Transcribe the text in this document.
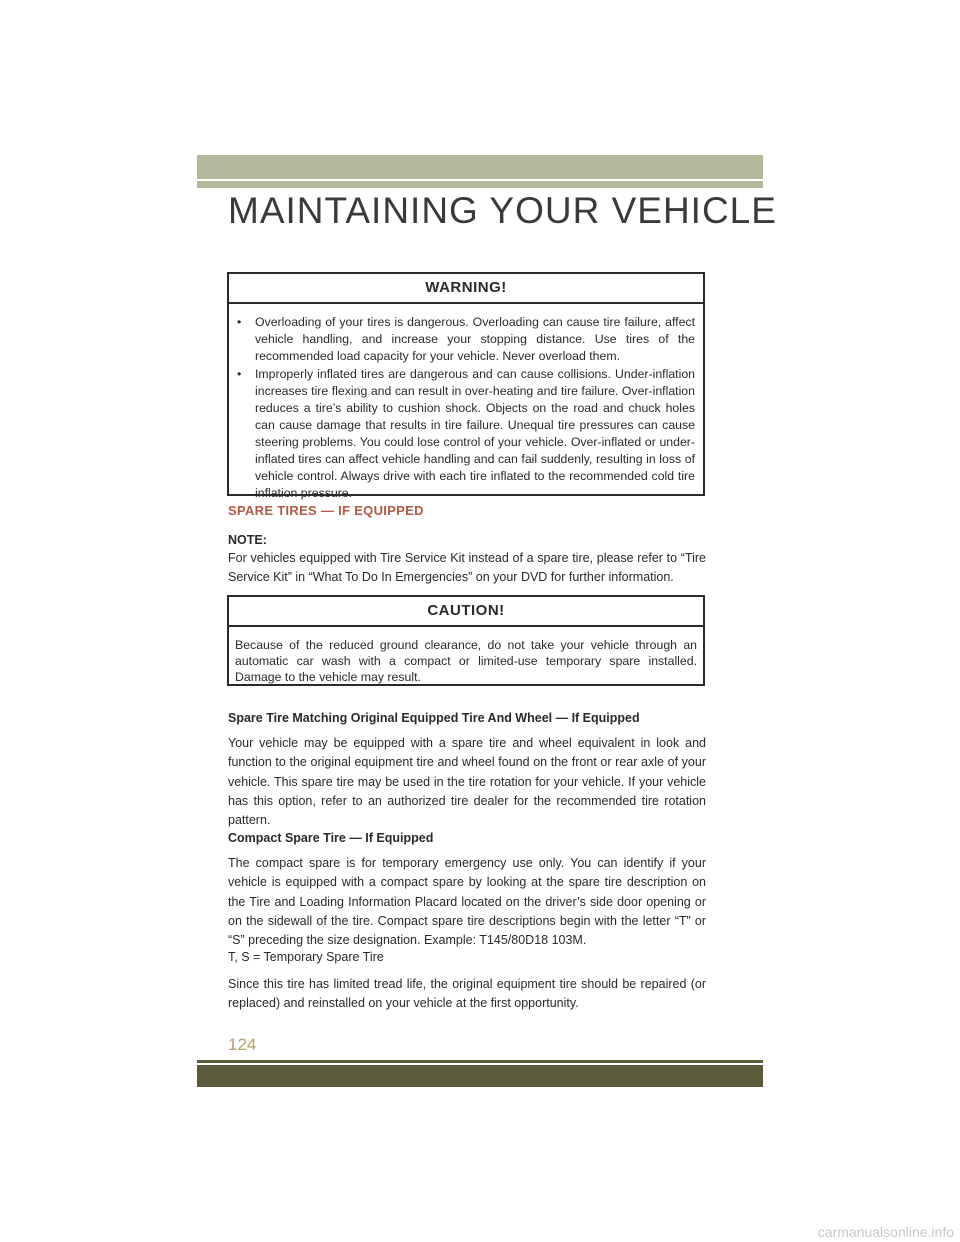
MAINTAINING YOUR VEHICLE
WARNING!
• Overloading of your tires is dangerous. Overloading can cause tire failure, affect vehicle handling, and increase your stopping distance. Use tires of the recommended load capacity for your vehicle. Never overload them.
• Improperly inflated tires are dangerous and can cause collisions. Under-inflation increases tire flexing and can result in over-heating and tire failure. Over-inflation reduces a tire’s ability to cushion shock. Objects on the road and chuck holes can cause damage that results in tire failure. Unequal tire pressures can cause steering problems. You could lose control of your vehicle. Over-inflated or under-inflated tires can affect vehicle handling and can fail suddenly, resulting in loss of vehicle control. Always drive with each tire inflated to the recommended cold tire inflation pressure.
SPARE TIRES — IF EQUIPPED

NOTE:

For vehicles equipped with Tire Service Kit instead of a spare tire, please refer to “Tire Service Kit” in “What To Do In Emergencies” on your DVD for further information.

CAUTION!

Because of the reduced ground clearance, do not take your vehicle through an automatic car wash with a compact or limited-use temporary spare installed. Damage to the vehicle may result.

Spare Tire Matching Original Equipped Tire And Wheel — If Equipped

Your vehicle may be equipped with a spare tire and wheel equivalent in look and function to the original equipment tire and wheel found on the front or rear axle of your vehicle. This spare tire may be used in the tire rotation for your vehicle. If your vehicle has this option, refer to an authorized tire dealer for the recommended tire rotation pattern.

Compact Spare Tire — If Equipped

The compact spare is for temporary emergency use only. You can identify if your vehicle is equipped with a compact spare by looking at the spare tire description on the Tire and Loading Information Placard located on the driver’s side door opening or on the sidewall of the tire. Compact spare tire descriptions begin with the letter “T” or “S” preceding the size designation. Example: T145/80D18 103M.

T, S = Temporary Spare Tire

Since this tire has limited tread life, the original equipment tire should be repaired (or replaced) and reinstalled on your vehicle at the first opportunity.

124

carmanualsonline.info
